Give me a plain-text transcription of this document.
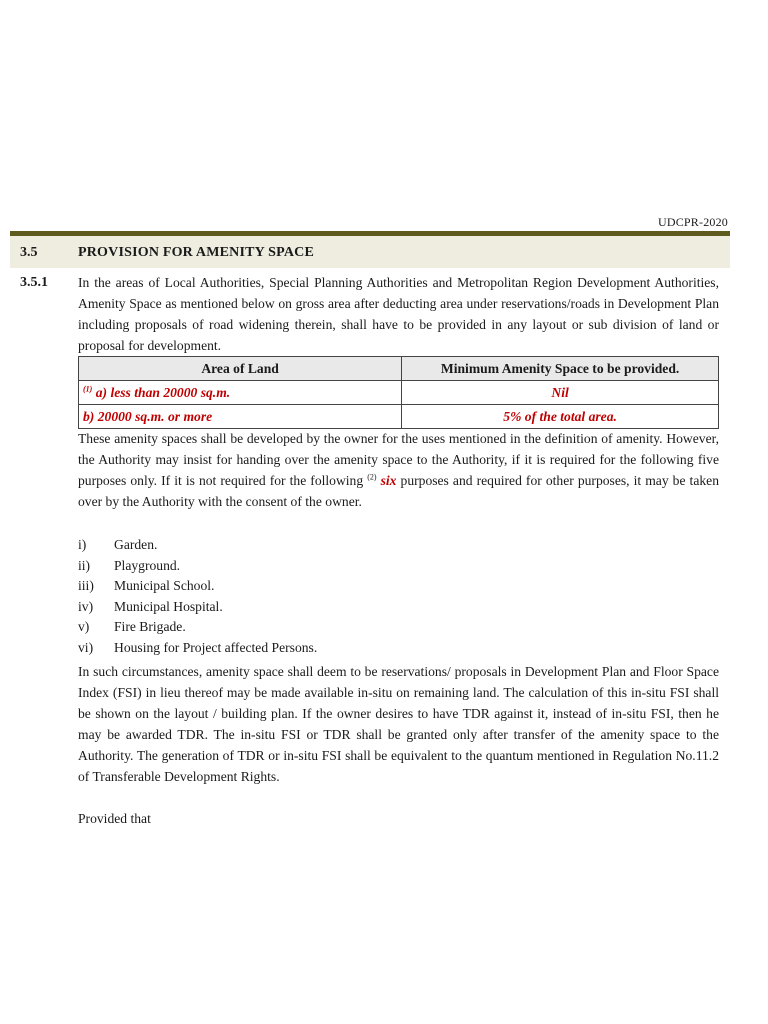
UDCPR-2020
3.5	PROVISION FOR AMENITY SPACE
3.5.1 In the areas of Local Authorities, Special Planning Authorities and Metropolitan Region Development Authorities, Amenity Space as mentioned below on gross area after deducting area under reservations/roads in Development Plan including proposals of road widening therein, shall have to be provided in any layout or sub division of land or proposal for development.
Area of Land	Minimum Amenity Space to be provided.
$^{(1)}$ a) less than 20000 sq.m.	Nil
b) 20000 sq.m. or more	5% of the total area.
These amenity spaces shall be developed by the owner for the uses mentioned in the definition of amenity. However, the Authority may insist for handing over the amenity space to the Authority, if it is required for the following five purposes only. If it is not required for the following $^{(2)}$ six purposes and required for other purposes, it may be taken over by the Authority with the consent of the owner.
i)	Garden.
ii)	Playground.
iii)	Municipal School.
iv)	Municipal Hospital.
v)	Fire Brigade.
vi)	Housing for Project affected Persons.
In such circumstances, amenity space shall deem to be reservations/ proposals in Development Plan and Floor Space Index (FSI) in lieu thereof may be made available in-situ on remaining land. The calculation of this in-situ FSI shall be shown on the layout / building plan. If the owner desires to have TDR against it, instead of in-situ FSI, then he may be awarded TDR. The in-situ FSI or TDR shall be granted only after transfer of the amenity space to the Authority. The generation of TDR or in-situ FSI shall be equivalent to the quantum mentioned in Regulation No.11.2 of Transferable Development Rights.
Provided that
